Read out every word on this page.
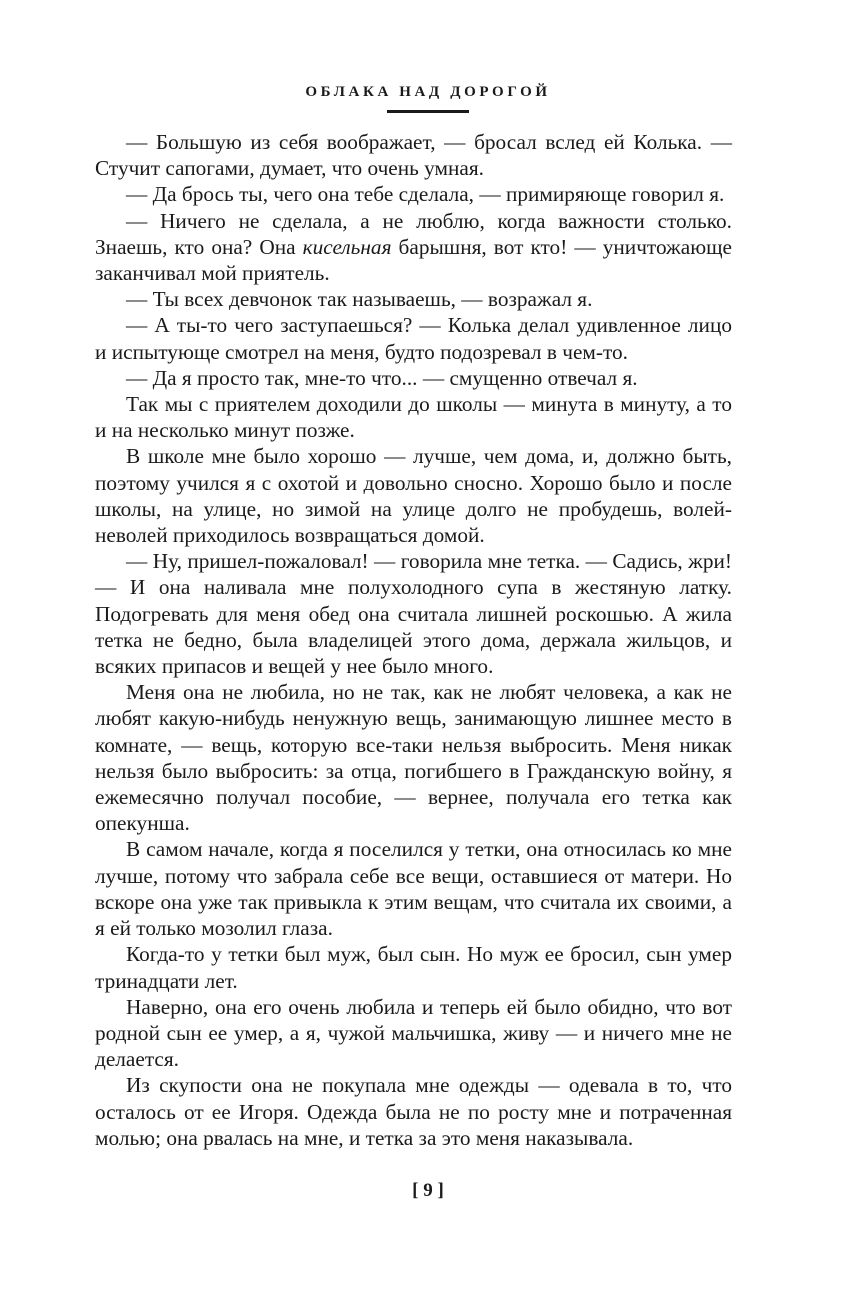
ОБЛАКА НАД ДОРОГОЙ

— Большую из себя воображает, — бросал вслед ей Колька. — Стучит сапогами, думает, что очень умная.

— Да брось ты, чего она тебе сделала, — примиряюще говорил я.

— Ничего не сделала, а не люблю, когда важности столько. Знаешь, кто она? Она кисельная барышня, вот кто! — уничтожающе заканчивал мой приятель.

— Ты всех девчонок так называешь, — возражал я.

— А ты-то чего заступаешься? — Колька делал удивленное лицо и испытующе смотрел на меня, будто подозревал в чем-то.

— Да я просто так, мне-то что... — смущенно отвечал я.

Так мы с приятелем доходили до школы — минута в минуту, а то и на несколько минут позже.

В школе мне было хорошо — лучше, чем дома, и, должно быть, поэтому учился я с охотой и довольно сносно. Хорошо было и после школы, на улице, но зимой на улице долго не пробудешь, волей-неволей приходилось возвращаться домой.

— Ну, пришел-пожаловал! — говорила мне тетка. — Садись, жри! — И она наливала мне полухолодного супа в жестяную латку. Подогревать для меня обед она считала лишней роскошью. А жила тетка не бедно, была владелицей этого дома, держала жильцов, и всяких припасов и вещей у нее было много.

Меня она не любила, но не так, как не любят человека, а как не любят какую-нибудь ненужную вещь, занимающую лишнее место в комнате, — вещь, которую все-таки нельзя выбросить. Меня никак нельзя было выбросить: за отца, погибшего в Гражданскую войну, я ежемесячно получал пособие, — вернее, получала его тетка как опекунша.

В самом начале, когда я поселился у тетки, она относилась ко мне лучше, потому что забрала себе все вещи, оставшиеся от матери. Но вскоре она уже так привыкла к этим вещам, что считала их своими, а я ей только мозолил глаза.

Когда-то у тетки был муж, был сын. Но муж ее бросил, сын умер тринадцати лет.

Наверно, она его очень любила и теперь ей было обидно, что вот родной сын ее умер, а я, чужой мальчишка, живу — и ничего мне не делается.

Из скупости она не покупала мне одежды — одевала в то, что осталось от ее Игоря. Одежда была не по росту мне и потраченная молью; она рвалась на мне, и тетка за это меня наказывала.

[ 9 ]
